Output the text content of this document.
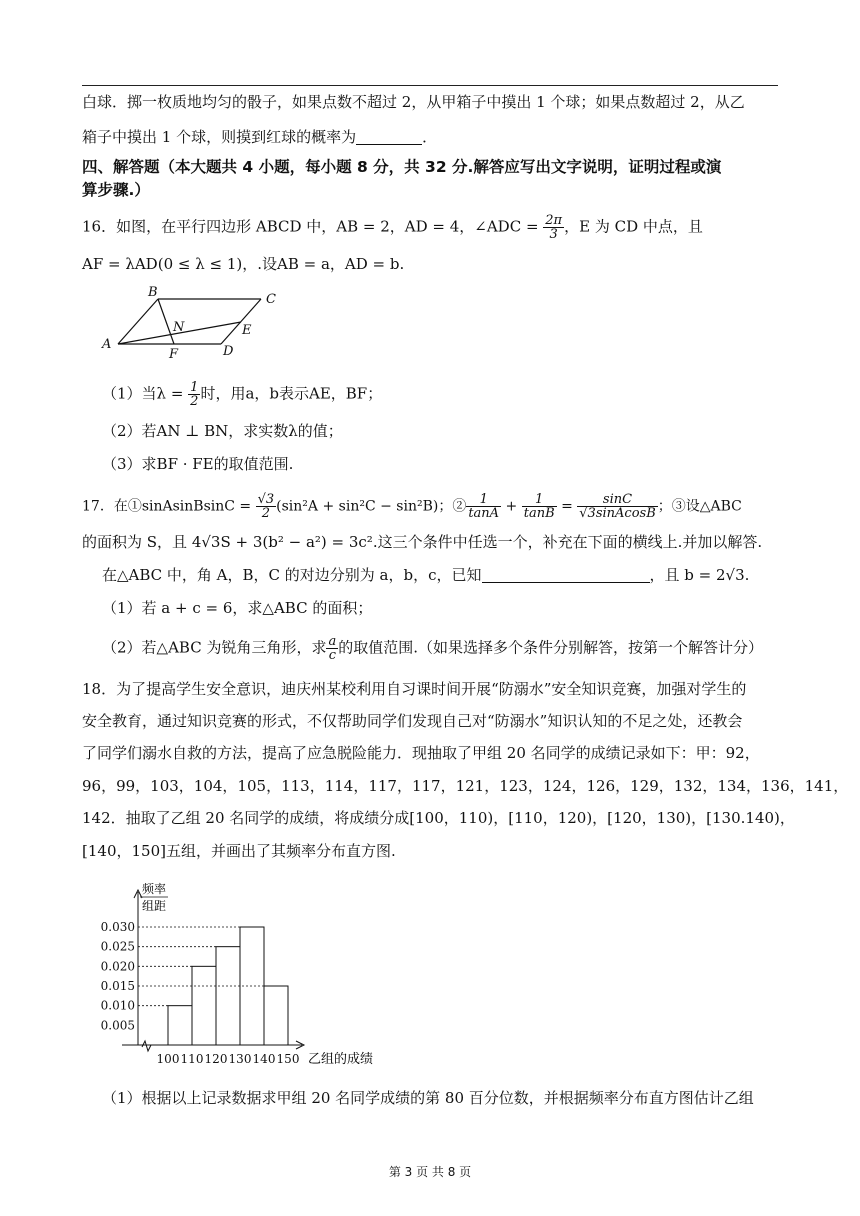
白球．掷一枚质地均匀的骰子，如果点数不超过 2，从甲箱子中摸出 1 个球；如果点数超过 2，从乙
箱子中摸出 1 个球，则摸到红球的概率为	．
四、解答题（本大题共 4 小题，每小题 8 分，共 32 分.解答应写出文字说明，证明过程或演
算步骤.）
16．如图，在平行四边形 ABCD 中，AB = 2，AD = 4，∠ADC = $\frac{2\pi}{3}$ ，E 为 CD 中点，且
AF = λAD(0 ≤ λ ≤ 1)，.设AB = a，AD = b.
A
B	C
D
E
F
N
（1）当$\lambda = \frac{1}{2}$ 时，用a，b表示AE，BF；
（2）若AN ⊥ BN，求实数λ的值；
（3）求BF · FE的取值范围.
17．在①sinAsinBsinC = $\frac{√3}{2} (\sin^2A + \sin^2C - \sin^2B)$；② $\frac{1}{\tan A} + \frac{1}{\tan B} = \frac{\sin C}{\text{√3sinAcosB}}$ ；③设△ABC
的面积为 S，且 4√3S + 3(b² − a²) = 3c².这三个条件中任选一个，补充在下面的横线上.并加以解答.
在△ABC 中，角 A，B，C 的对边分别为 a，b，c，已知	，且 b = 2√3.
（1）若 a + c = 6，求△ABC 的面积；
（2）若△ABC 为锐角三角形，求 $\frac{a}{c}$ 的取值范围.（如果选择多个条件分别解答，按第一个解答计分）
18．为了提高学生安全意识，迪庆州某校利用自习课时间开展“防溺水”安全知识竞赛，加强对学生的
安全教育，通过知识竞赛的形式，不仅帮助同学们发现自己对“防溺水”知识认知的不足之处，还教会
了同学们溺水自救的方法，提高了应急脱险能力．现抽取了甲组 20 名同学的成绩记录如下：甲：92，
96，99，103，104，105，113，114，117，117，121，123，124，126，129，132，134，136，141，
142．抽取了乙组 20 名同学的成绩，将成绩分成[100，110)，[110，120)，[120，130)，[130.140)，
[140，150]五组，并画出了其频率分布直方图.
0.005
0.010
0.015
0.020
0.025
0.030
100 110 120 130 140 150
频率
组距
乙组的成绩
（1）根据以上记录数据求甲组 20 名同学成绩的第 80 百分位数，并根据频率分布直方图估计乙组
第 3 页 共 8 页
